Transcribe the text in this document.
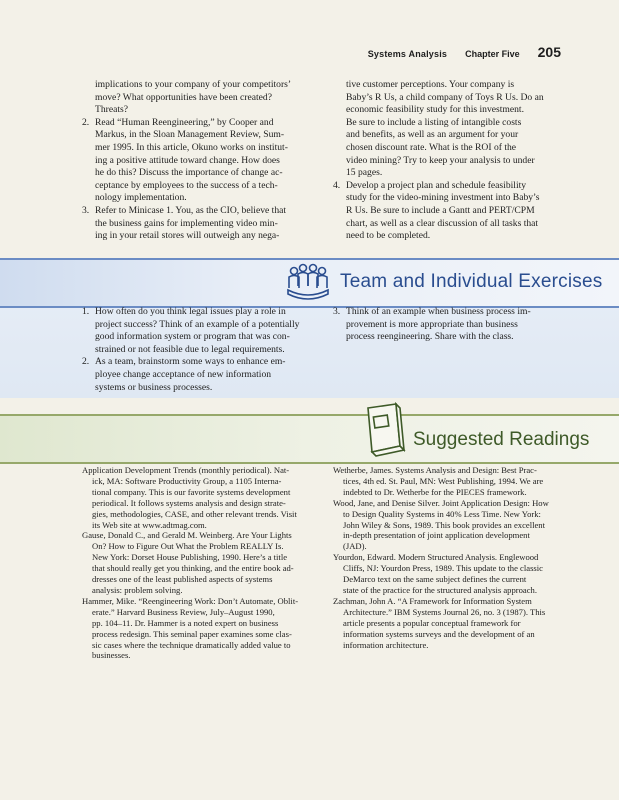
Systems Analysis Chapter Five 205
implications to your company of your competitors’
move? What opportunities have been created?
Threats?
2. Read “Human Reengineering,” by Cooper and
Markus, in the Sloan Management Review, Sum-
mer 1995. In this article, Okuno works on institut-
ing a positive attitude toward change. How does
he do this? Discuss the importance of change ac-
ceptance by employees to the success of a tech-
nology implementation.
3. Refer to Minicase 1. You, as the CIO, believe that
the business gains for implementing video min-
ing in your retail stores will outweigh any nega-
tive customer perceptions. Your company is
Baby’s R Us, a child company of Toys R Us. Do an
economic feasibility study for this investment.
Be sure to include a listing of intangible costs
and benefits, as well as an argument for your
chosen discount rate. What is the ROI of the
video mining? Try to keep your analysis to under
15 pages.
4. Develop a project plan and schedule feasibility
study for the video-mining investment into Baby’s
R Us. Be sure to include a Gantt and PERT/CPM
chart, as well as a clear discussion of all tasks that
need to be completed.
Team and Individual Exercises
1. How often do you think legal issues play a role in
project success? Think of an example of a potentially
good information system or program that was con-
strained or not feasible due to legal requirements.
2. As a team, brainstorm some ways to enhance em-
ployee change acceptance of new information
systems or business processes.
3. Think of an example when business process im-
provement is more appropriate than business
process reengineering. Share with the class.
Suggested Readings

Application Development Trends (monthly periodical). Nat-
ick, MA: Software Productivity Group, a 1105 Interna-
tional company. This is our favorite systems development
periodical. It follows systems analysis and design strate-
gies, methodologies, CASE, and other relevant trends. Visit
its Web site at www.adtmag.com.

Gause, Donald C., and Gerald M. Weinberg. Are Your Lights
On? How to Figure Out What the Problem REALLY Is.
New York: Dorset House Publishing, 1990. Here’s a title
that should really get you thinking, and the entire book ad-
dresses one of the least published aspects of systems
analysis: problem solving.

Hammer, Mike. “Reengineering Work: Don’t Automate, Oblit-
erate.” Harvard Business Review, July–August 1990,
pp. 104–11. Dr. Hammer is a noted expert on business
process redesign. This seminal paper examines some clas-
sic cases where the technique dramatically added value to
businesses.

Wetherbe, James. Systems Analysis and Design: Best Prac-
tices, 4th ed. St. Paul, MN: West Publishing, 1994. We are
indebted to Dr. Wetherbe for the PIECES framework.

Wood, Jane, and Denise Silver. Joint Application Design: How
to Design Quality Systems in 40% Less Time. New York:
John Wiley & Sons, 1989. This book provides an excellent
in-depth presentation of joint application development
(JAD).

Yourdon, Edward. Modern Structured Analysis. Englewood
Cliffs, NJ: Yourdon Press, 1989. This update to the classic
DeMarco text on the same subject defines the current
state of the practice for the structured analysis approach.

Zachman, John A. “A Framework for Information System
Architecture.” IBM Systems Journal 26, no. 3 (1987). This
article presents a popular conceptual framework for
information systems surveys and the development of an
information architecture.
